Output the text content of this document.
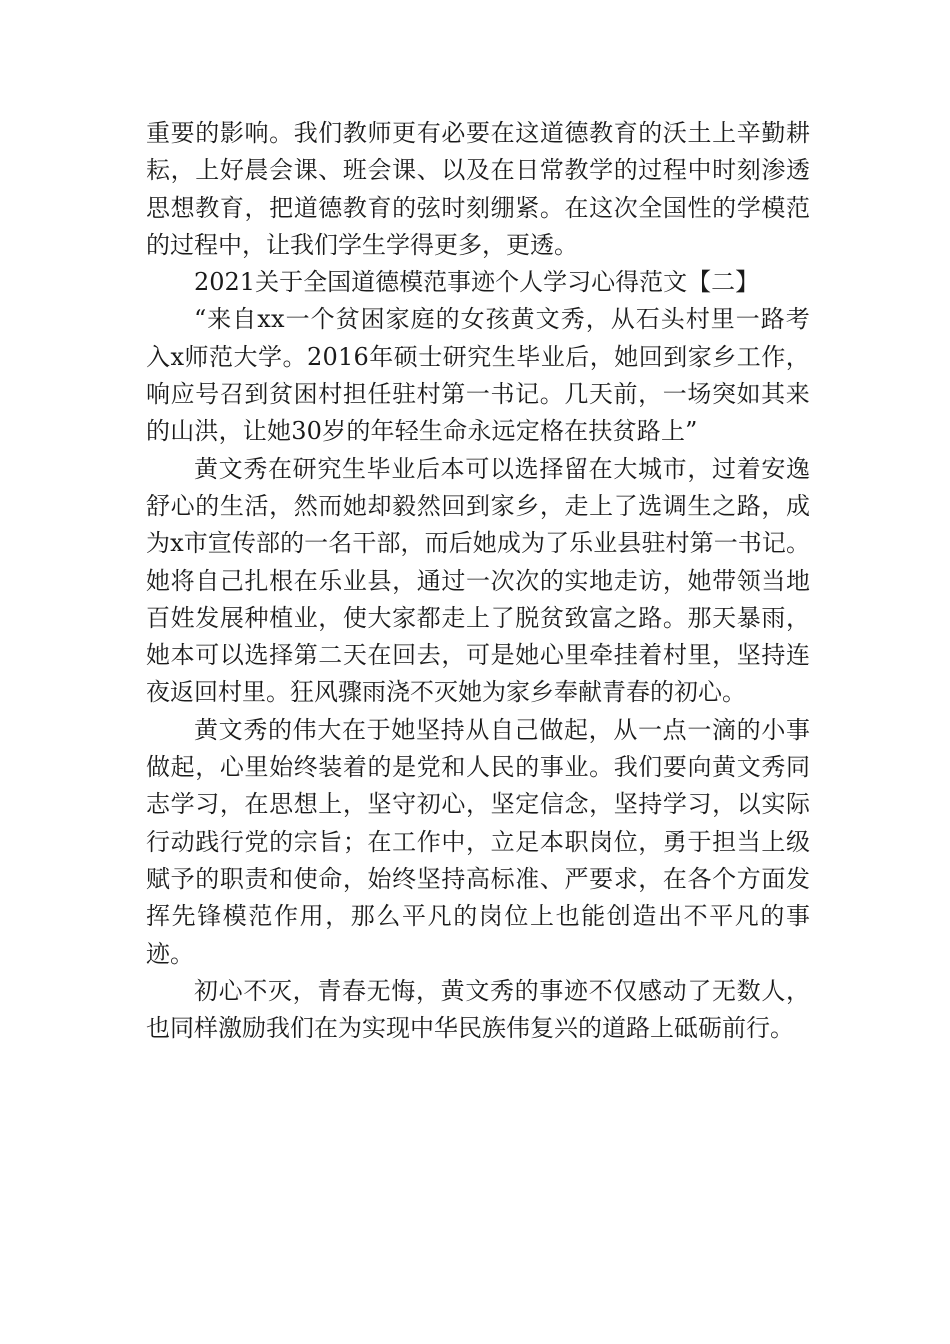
重要的影响。我们教师更有必要在这道德教育的沃土上辛勤耕耘，上好晨会课、班会课、以及在日常教学的过程中时刻渗透思想教育，把道德教育的弦时刻绷紧。在这次全国性的学模范的过程中，让我们学生学得更多，更透。

2021关于全国道德模范事迹个人学习心得范文【二】

“来自xx一个贫困家庭的女孩黄文秀，从石头村里一路考入x师范大学。2016年硕士研究生毕业后，她回到家乡工作，响应号召到贫困村担任驻村第一书记。几天前，一场突如其来的山洪，让她30岁的年轻生命永远定格在扶贫路上”

黄文秀在研究生毕业后本可以选择留在大城市，过着安逸舒心的生活，然而她却毅然回到家乡，走上了选调生之路，成为x市宣传部的一名干部，而后她成为了乐业县驻村第一书记。她将自己扎根在乐业县，通过一次次的实地走访，她带领当地百姓发展种植业，使大家都走上了脱贫致富之路。那天暴雨，她本可以选择第二天在回去，可是她心里牵挂着村里，坚持连夜返回村里。狂风骤雨浇不灭她为家乡奉献青春的初心。

黄文秀的伟大在于她坚持从自己做起，从一点一滴的小事做起，心里始终装着的是党和人民的事业。我们要向黄文秀同志学习，在思想上，坚守初心，坚定信念，坚持学习，以实际行动践行党的宗旨；在工作中，立足本职岗位，勇于担当上级赋予的职责和使命，始终坚持高标准、严要求，在各个方面发挥先锋模范作用，那么平凡的岗位上也能创造出不平凡的事迹。

初心不灭，青春无悔，黄文秀的事迹不仅感动了无数人，也同样激励我们在为实现中华民族伟复兴的道路上砥砺前行。
